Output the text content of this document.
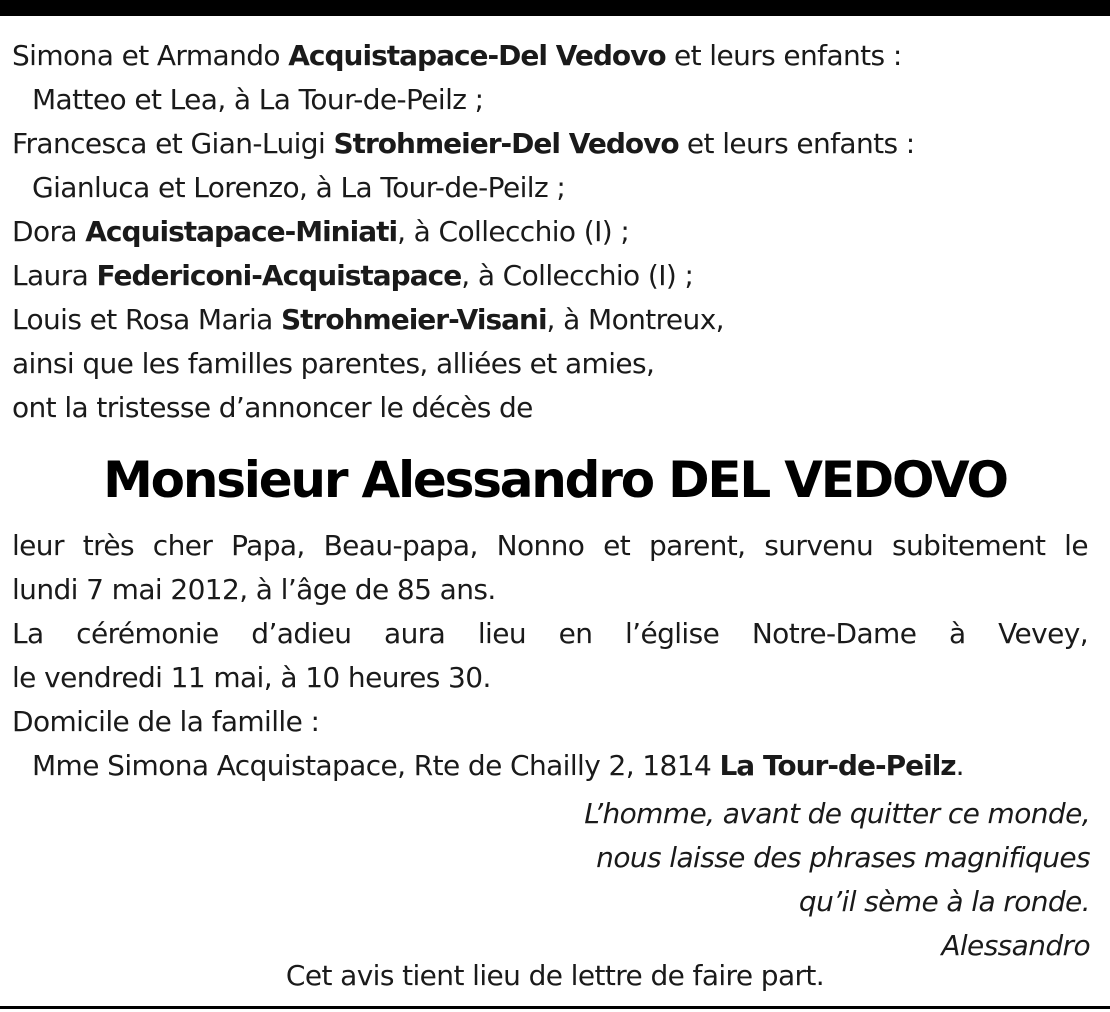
Simona et Armando Acquistapace-Del Vedovo et leurs enfants :
Matteo et Lea, à La Tour-de-Peilz ;
Francesca et Gian-Luigi Strohmeier-Del Vedovo et leurs enfants :
Gianluca et Lorenzo, à La Tour-de-Peilz ;
Dora Acquistapace-Miniati, à Collecchio (I) ;
Laura Federiconi-Acquistapace, à Collecchio (I) ;
Louis et Rosa Maria Strohmeier-Visani, à Montreux,
ainsi que les familles parentes, alliées et amies,
ont la tristesse d’annoncer le décès de
Monsieur Alessandro DEL VEDOVO
leur très cher Papa, Beau-papa, Nonno et parent, survenu subitement le
lundi 7 mai 2012, à l’âge de 85 ans.
La cérémonie d’adieu aura lieu en l’église Notre-Dame à Vevey,
le vendredi 11 mai, à 10 heures 30.
Domicile de la famille :
Mme Simona Acquistapace, Rte de Chailly 2, 1814 La Tour-de-Peilz.
L’homme, avant de quitter ce monde,
nous laisse des phrases magnifiques
qu’il sème à la ronde.
Alessandro
Cet avis tient lieu de lettre de faire part.
